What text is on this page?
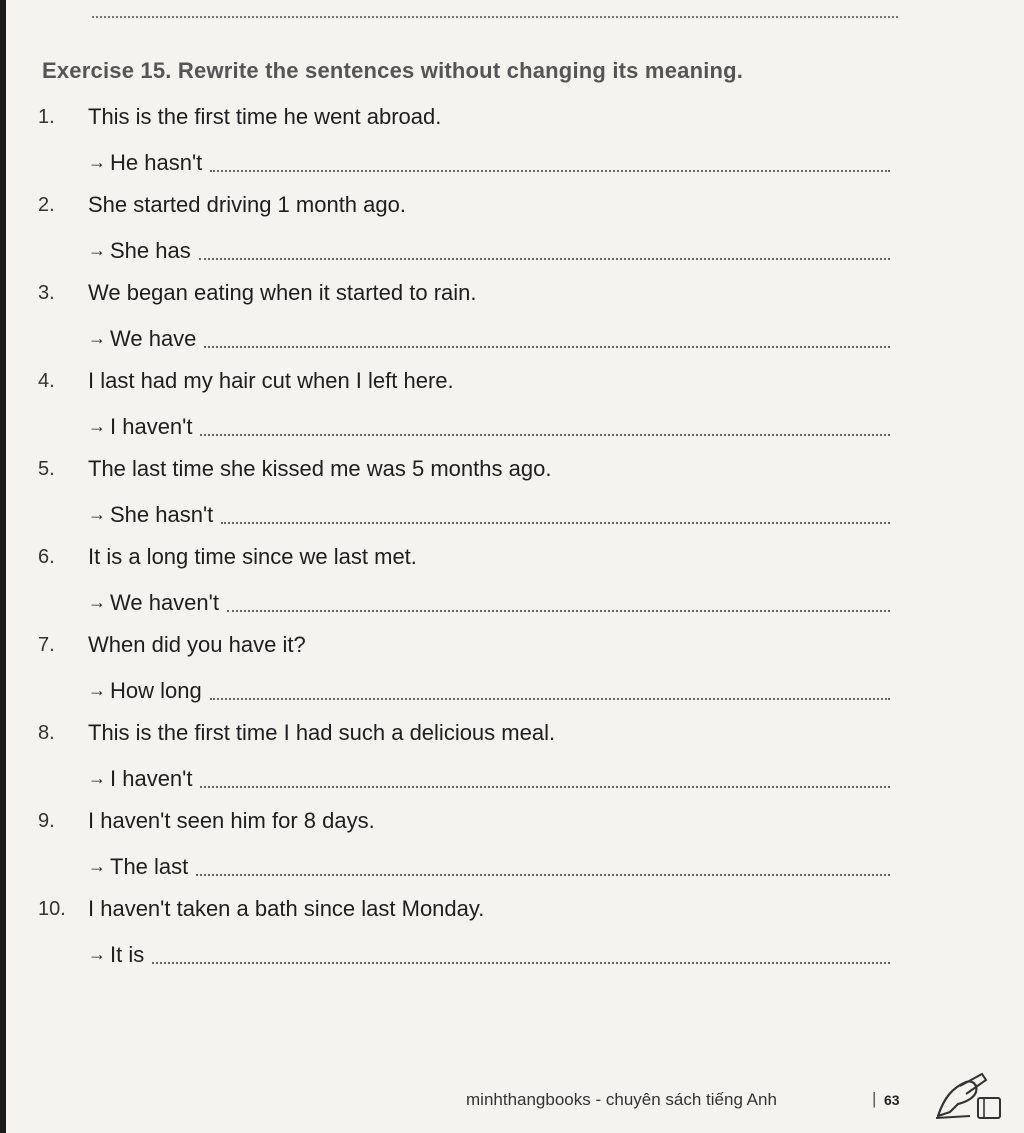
Exercise 15. Rewrite the sentences without changing its meaning.
1. This is the first time he went abroad.
→ He hasn't
2. She started driving 1 month ago.
→ She has
3. We began eating when it started to rain.
→ We have
4. I last had my hair cut when I left here.
→ I haven't
5. The last time she kissed me was 5 months ago.
→ She hasn't
6. It is a long time since we last met.
→ We haven't
7. When did you have it?
→ How long
8. This is the first time I had such a delicious meal.
→ I haven't
9. I haven't seen him for 8 days.
→ The last
10. I haven't taken a bath since last Monday.
→ It is
minhthangbooks - chuyên sách tiếng Anh	| 63
